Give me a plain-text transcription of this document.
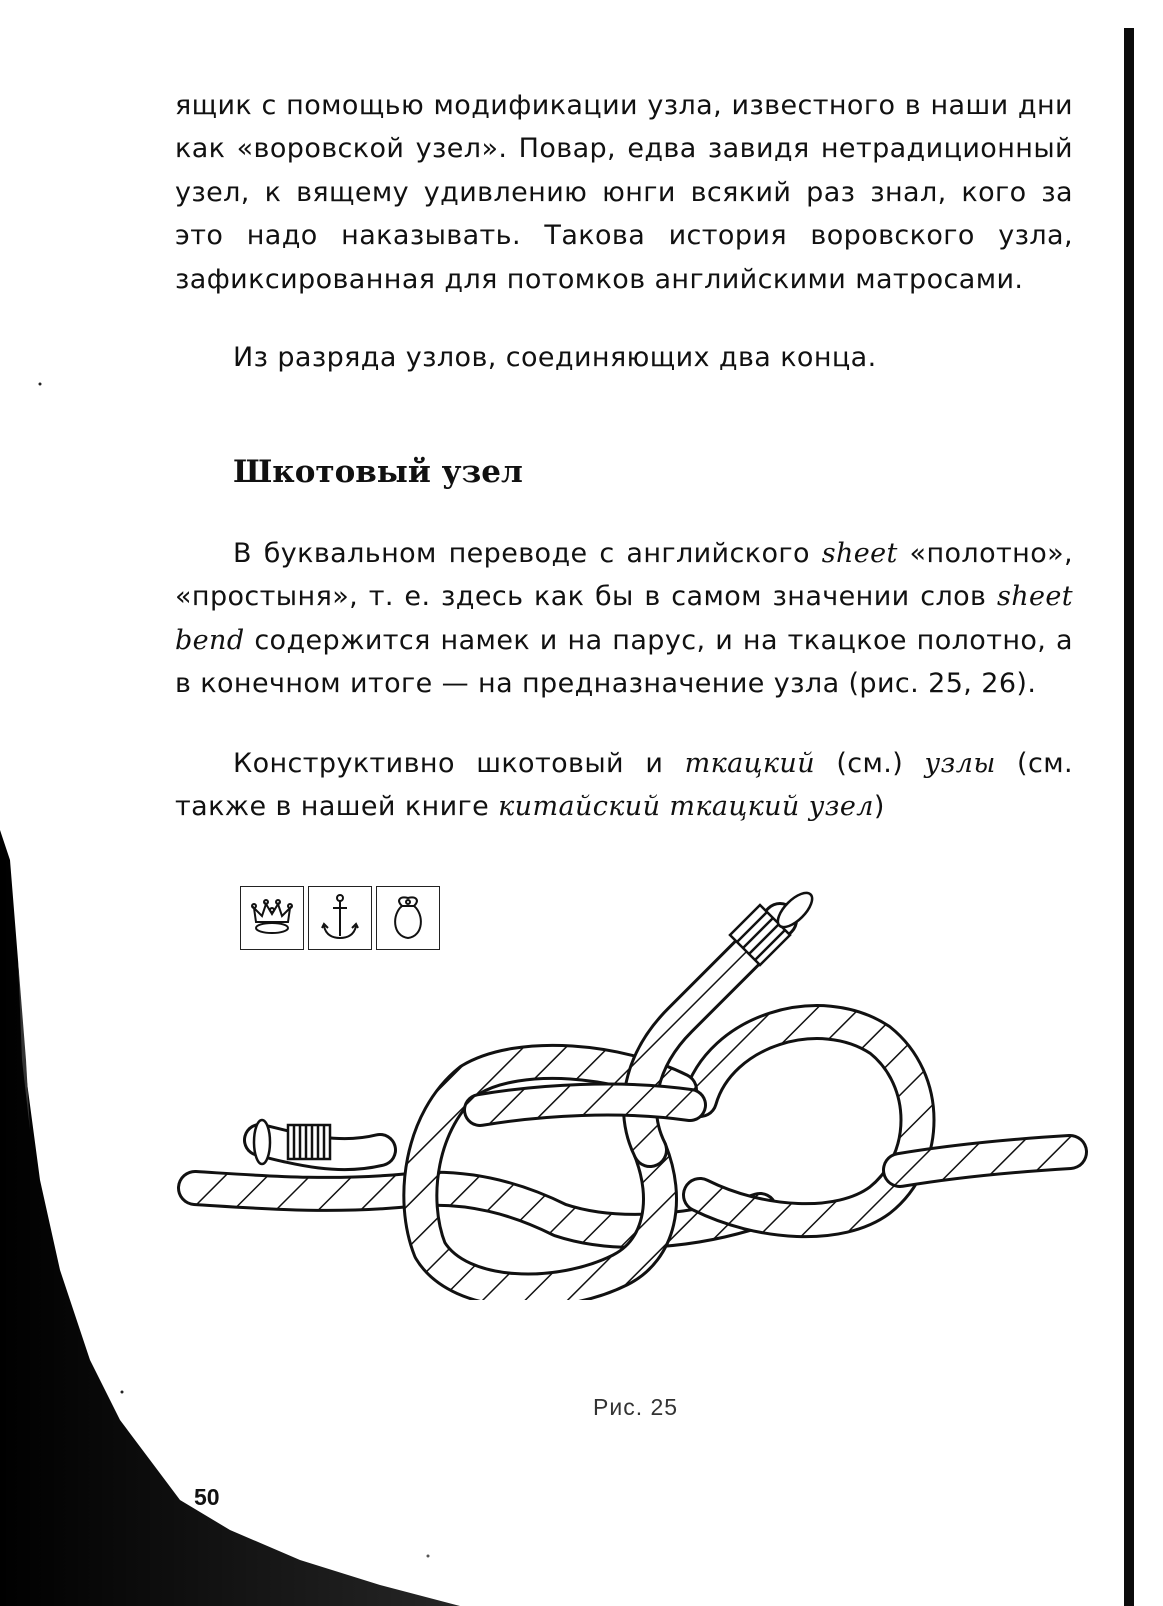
ящик с помощью модификации узла, известного в наши дни как «воровской узел». Повар, едва завидя нетрадиционный узел, к вящему удивлению юнги всякий раз знал, кого за это надо наказывать. Такова история воровского узла, зафиксированная для потомков английскими матросами.

Из разряда узлов, соединяющих два конца.

Шкотовый узел

В буквальном переводе с английского sheet «полотно», «простыня», т. е. здесь как бы в самом значении слов sheet bend содержится намек и на парус, и на ткацкое полотно, а в конечном итоге — на предназначение узла (рис. 25, 26).

Конструктивно шкотовый и ткацкий (см.) узлы (см. также в нашей книге китайский ткацкий узел)

Рис. 25
50
